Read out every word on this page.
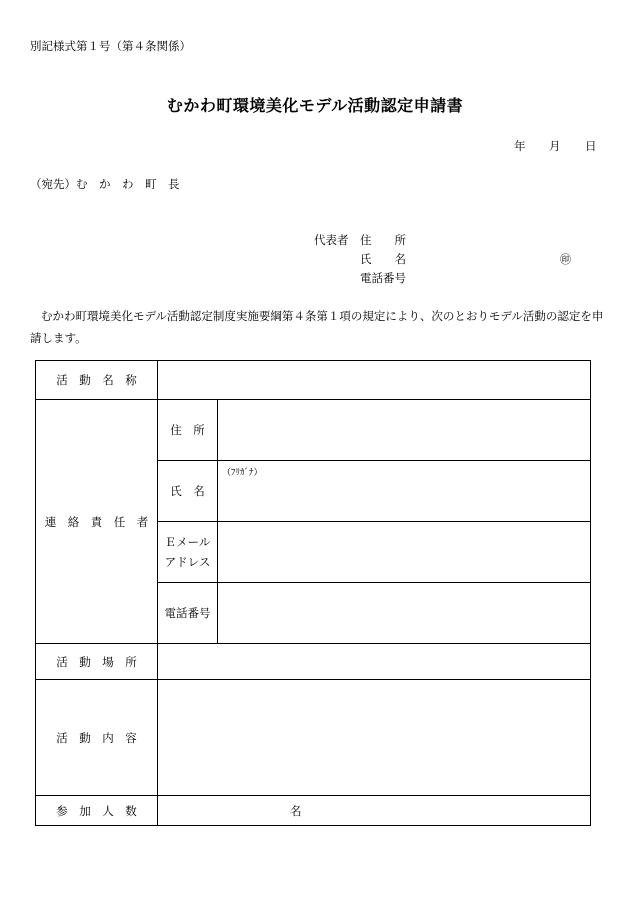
別記様式第１号（第４条関係）
むかわ町環境美化モデル活動認定申請書
年 月 日
（宛先）む　か　わ　町　長
代表者 住　　所
氏　　名	㊞
電話番号
むかわ町環境美化モデル活動認定制度実施要綱第４条第１項の規定により、次のとおりモデル活動の認定を申請します。
活　動　名　称		
連　絡　責　任　者	住　所	
	氏　名	（ﾌﾘｶﾞﾅ）

	Ｅメール
アドレス	

	電話番号	
活　動　場　所		
活　動　内　容		
参　加　人　数	名	
